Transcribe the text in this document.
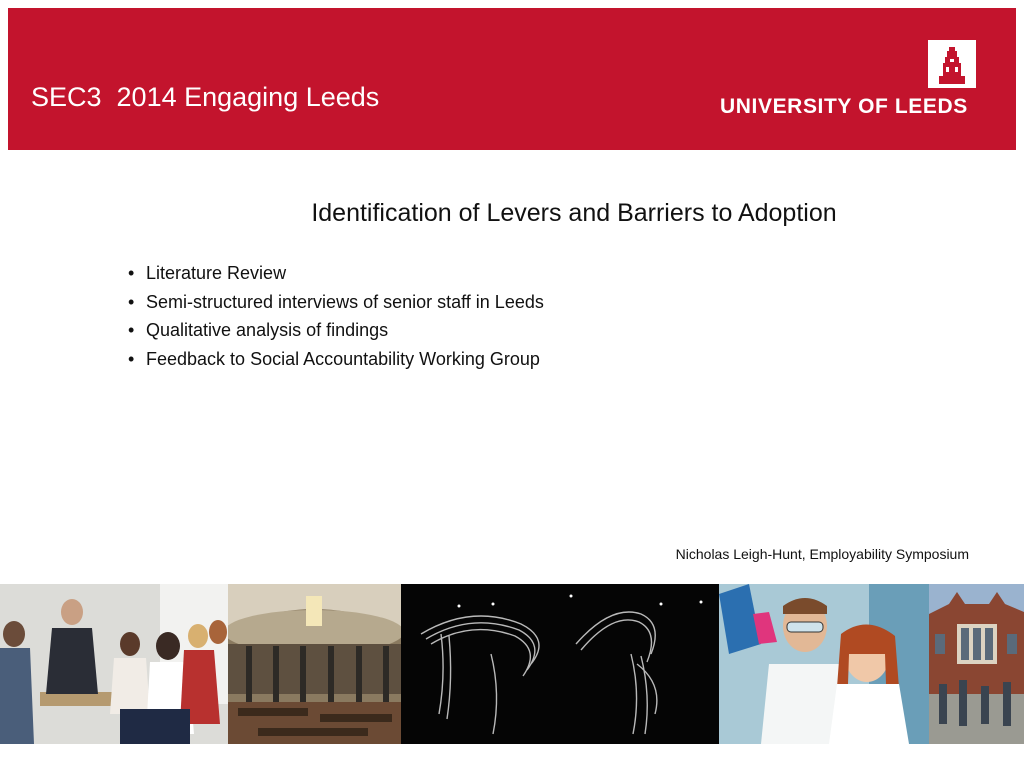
SEC3  2014 Engaging Leeds	UNIVERSITY OF LEEDS
Identification of Levers and Barriers to Adoption
• Literature Review
• Semi-structured interviews of senior staff in Leeds
• Qualitative analysis of findings
• Feedback to Social Accountability Working Group
Nicholas Leigh-Hunt, Employability Symposium
